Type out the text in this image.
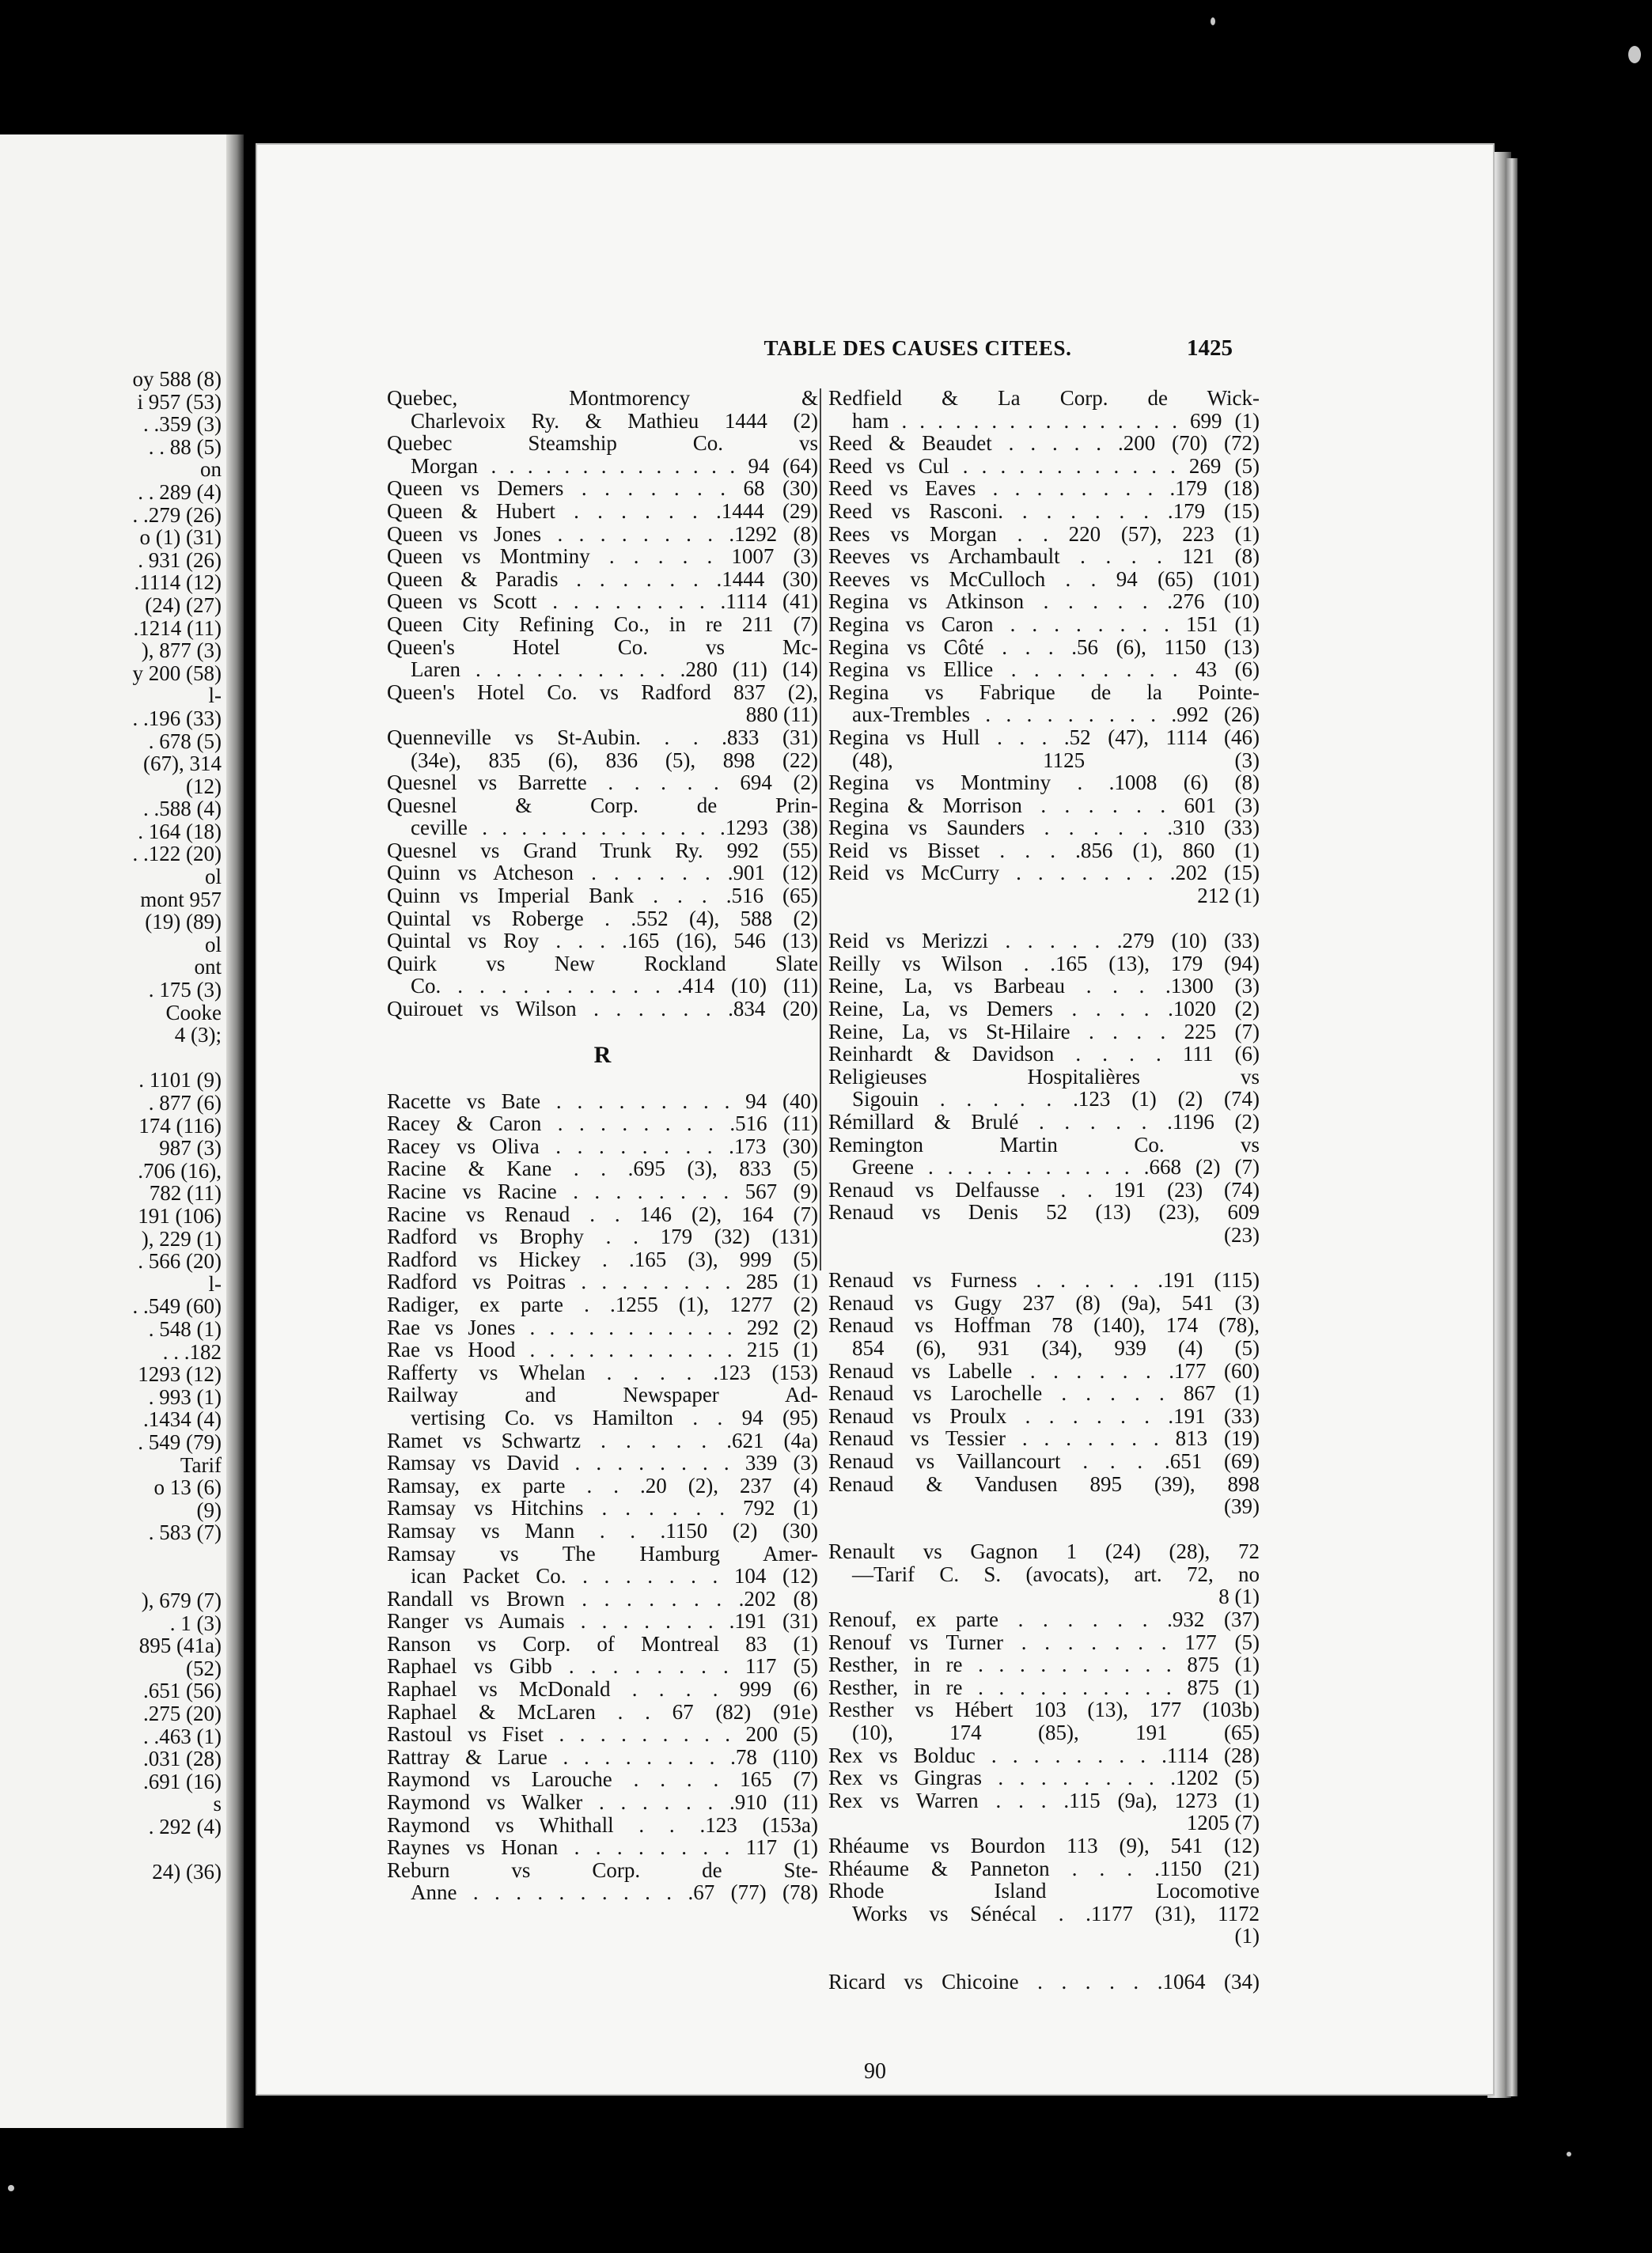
oy 588 (8)
i 957 (53)
. .359 (3)
. . 88 (5)
on
. . 289 (4)
. .279 (26)
o (1) (31)
. 931 (26)
.1114 (12)
(24) (27)
.1214 (11)
), 877 (3)
y 200 (58)
l-
. .196 (33)
. 678 (5)
(67), 314
(12)
. .588 (4)
. 164 (18)
. .122 (20)
ol
mont 957
(19) (89)
ol
ont
. 175 (3)
Cooke
4 (3);
. 1101 (9)
. 877 (6)
174 (116)
987 (3)
.706 (16),
782 (11)
191 (106)
), 229 (1)
. 566 (20)
l-
. .549 (60)
. 548 (1)
. . .182
1293 (12)
. 993 (1)
.1434 (4)
. 549 (79)
Tarif
o 13 (6)
(9)
. 583 (7)
), 679 (7)
. 1 (3)
895 (41a)
(52)
.651 (56)
.275 (20)
. .463 (1)
.031 (28)
.691 (16)
s
. 292 (4)
24) (36)
TABLE DES CAUSES CITEES.	1425
Quebec, Montmorency &
Charlevoix Ry. & Mathieu 1444 (2)
Quebec Steamship Co. vs
Morgan . . . . . . . . . . . . . . 94 (64)
Queen vs Demers . . . . . . . 68 (30)
Queen & Hubert . . . . . . .1444 (29)
Queen vs Jones . . . . . . . . .1292 (8)
Queen vs Montminy . . . . . 1007 (3)
Queen & Paradis . . . . . . .1444 (30)
Queen vs Scott . . . . . . . . .1114 (41)
Queen City Refining Co., in re 211 (7)
Queen's Hotel Co. vs Mc-
Laren . . . . . . . . . . .280 (11) (14)
Queen's Hotel Co. vs Radford 837 (2),
880 (11)
Quenneville vs St-Aubin. . . .833 (31)
(34e), 835 (6), 836 (5), 898 (22)
Quesnel vs Barrette . . . . . 694 (2)
Quesnel & Corp. de Prin-
ceville . . . . . . . . . . . . .1293 (38)
Quesnel vs Grand Trunk Ry. 992 (55)
Quinn vs Atcheson . . . . . . .901 (12)
Quinn vs Imperial Bank . . . .516 (65)
Quintal vs Roberge . .552 (4), 588 (2)
Quintal vs Roy . . . .165 (16), 546 (13)
Quirk vs New Rockland Slate
Co. . . . . . . . . . . .414 (10) (11)
Quirouet vs Wilson . . . . . . .834 (20)
R
Racette vs Bate . . . . . . . . . 94 (40)
Racey & Caron . . . . . . . . .516 (11)
Racey vs Oliva . . . . . . . . .173 (30)
Racine & Kane . . .695 (3), 833 (5)
Racine vs Racine . . . . . . . . 567 (9)
Racine vs Renaud . . 146 (2), 164 (7)
Radford vs Brophy . . 179 (32) (131)
Radford vs Hickey . .165 (3), 999 (5)
Radford vs Poitras . . . . . . . . 285 (1)
Radiger, ex parte . .1255 (1), 1277 (2)
Rae vs Jones . . . . . . . . . . . 292 (2)
Rae vs Hood . . . . . . . . . . . 215 (1)
Rafferty vs Whelan . . . . .123 (153)
Railway and Newspaper Ad-
vertising Co. vs Hamilton . . 94 (95)
Ramet vs Schwartz . . . . . .621 (4a)
Ramsay vs David . . . . . . . . 339 (3)
Ramsay, ex parte . . .20 (2), 237 (4)
Ramsay vs Hitchins . . . . . . 792 (1)
Ramsay vs Mann . . .1150 (2) (30)
Ramsay vs The Hamburg Amer-
ican Packet Co. . . . . . . . 104 (12)
Randall vs Brown . . . . . . . .202 (8)
Ranger vs Aumais . . . . . . . .191 (31)
Ranson vs Corp. of Montreal 83 (1)
Raphael vs Gibb . . . . . . . . 117 (5)
Raphael vs McDonald . . . . 999 (6)
Raphael & McLaren . . 67 (82) (91e)
Rastoul vs Fiset . . . . . . . . . 200 (5)
Rattray & Larue . . . . . . . . .78 (110)
Raymond vs Larouche . . . . 165 (7)
Raymond vs Walker . . . . . . .910 (11)
Raymond vs Whithall . . .123 (153a)
Raynes vs Honan . . . . . . . . 117 (1)
Reburn vs Corp. de Ste-
Anne . . . . . . . . . . .67 (77) (78)
Redfield & La Corp. de Wick-
ham . . . . . . . . . . . . . . . . 699 (1)
Reed & Beaudet . . . . . .200 (70) (72)
Reed vs Cul . . . . . . . . . . . . 269 (5)
Reed vs Eaves . . . . . . . . .179 (18)
Reed vs Rasconi. . . . . . . .179 (15)
Rees vs Morgan . . 220 (57), 223 (1)
Reeves vs Archambault . . . . 121 (8)
Reeves vs McCulloch . . 94 (65) (101)
Regina vs Atkinson . . . . . .276 (10)
Regina vs Caron . . . . . . . . 151 (1)
Regina vs Côté . . . .56 (6), 1150 (13)
Regina vs Ellice . . . . . . . . 43 (6)
Regina vs Fabrique de la Pointe-
aux-Trembles . . . . . . . . . .992 (26)
Regina vs Hull . . . .52 (47), 1114 (46)
(48), 1125 (3)
Regina vs Montminy . .1008 (6) (8)
Regina & Morrison . . . . . . 601 (3)
Regina vs Saunders . . . . . .310 (33)
Reid vs Bisset . . . .856 (1), 860 (1)
Reid vs McCurry . . . . . . . .202 (15)
212 (1)
Reid vs Merizzi . . . . . .279 (10) (33)
Reilly vs Wilson . .165 (13), 179 (94)
Reine, La, vs Barbeau . . . .1300 (3)
Reine, La, vs Demers . . . . .1020 (2)
Reine, La, vs St-Hilaire . . . . 225 (7)
Reinhardt & Davidson . . . . 111 (6)
Religieuses Hospitalières vs
Sigouin . . . . . .123 (1) (2) (74)
Rémillard & Brulé . . . . . .1196 (2)
Remington Martin Co. vs
Greene . . . . . . . . . . . .668 (2) (7)
Renaud vs Delfausse . . 191 (23) (74)
Renaud vs Denis 52 (13) (23), 609
(23)
Renaud vs Furness . . . . . .191 (115)
Renaud vs Gugy 237 (8) (9a), 541 (3)
Renaud vs Hoffman 78 (140), 174 (78),
854 (6), 931 (34), 939 (4) (5)
Renaud vs Labelle . . . . . . .177 (60)
Renaud vs Larochelle . . . . . 867 (1)
Renaud vs Proulx . . . . . . .191 (33)
Renaud vs Tessier . . . . . . . 813 (19)
Renaud vs Vaillancourt . . . .651 (69)
Renaud & Vandusen 895 (39), 898
(39)
Renault vs Gagnon 1 (24) (28), 72
—Tarif C. S. (avocats), art. 72, no
8 (1)
Renouf, ex parte . . . . . . .932 (37)
Renouf vs Turner . . . . . . . 177 (5)
Resther, in re . . . . . . . . . . 875 (1)
Resther, in re . . . . . . . . . . 875 (1)
Resther vs Hébert 103 (13), 177 (103b)
(10), 174 (85), 191 (65)
Rex vs Bolduc . . . . . . . . .1114 (28)
Rex vs Gingras . . . . . . . . .1202 (5)
Rex vs Warren . . . .115 (9a), 1273 (1)
1205 (7)
Rhéaume vs Bourdon 113 (9), 541 (12)
Rhéaume & Panneton . . . .1150 (21)
Rhode Island Locomotive
Works vs Sénécal . .1177 (31), 1172
(1)
Ricard vs Chicoine . . . . . .1064 (34)
90
